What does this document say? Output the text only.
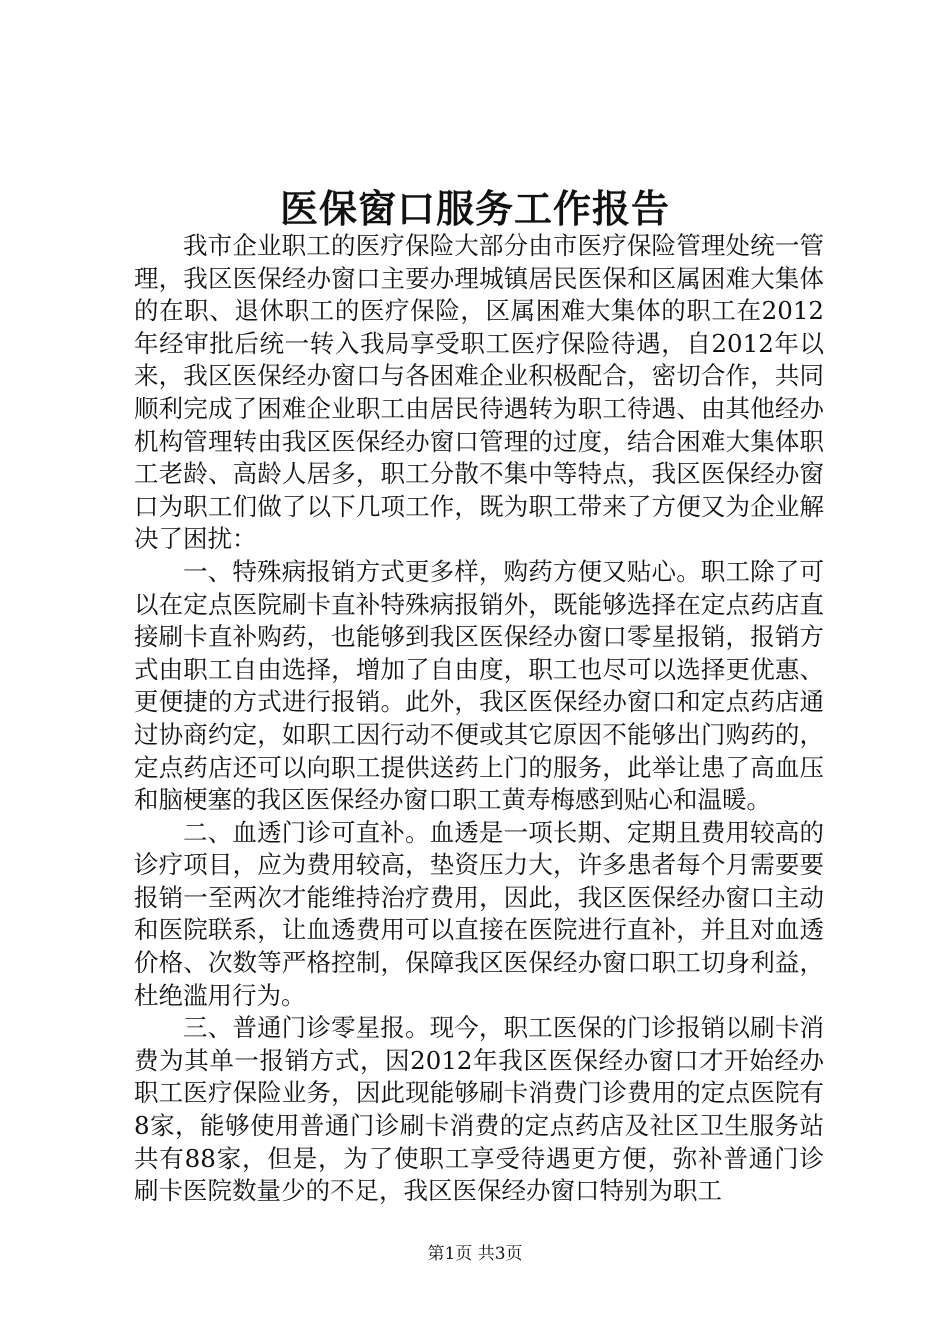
医保窗口服务工作报告

我市企业职工的医疗保险大部分由市医疗保险管理处统一管理，我区医保经办窗口主要办理城镇居民医保和区属困难大集体的在职、退休职工的医疗保险，区属困难大集体的职工在2012年经审批后统一转入我局享受职工医疗保险待遇，自2012年以来，我区医保经办窗口与各困难企业积极配合，密切合作，共同顺利完成了困难企业职工由居民待遇转为职工待遇、由其他经办机构管理转由我区医保经办窗口管理的过度，结合困难大集体职工老龄、高龄人居多，职工分散不集中等特点，我区医保经办窗口为职工们做了以下几项工作，既为职工带来了方便又为企业解决了困扰：

一、特殊病报销方式更多样，购药方便又贴心。职工除了可以在定点医院刷卡直补特殊病报销外，既能够选择在定点药店直接刷卡直补购药，也能够到我区医保经办窗口零星报销，报销方式由职工自由选择，增加了自由度，职工也尽可以选择更优惠、更便捷的方式进行报销。此外，我区医保经办窗口和定点药店通过协商约定，如职工因行动不便或其它原因不能够出门购药的，定点药店还可以向职工提供送药上门的服务，此举让患了高血压和脑梗塞的我区医保经办窗口职工黄寿梅感到贴心和温暖。

二、血透门诊可直补。血透是一项长期、定期且费用较高的诊疗项目，应为费用较高，垫资压力大，许多患者每个月需要要报销一至两次才能维持治疗费用，因此，我区医保经办窗口主动和医院联系，让血透费用可以直接在医院进行直补，并且对血透价格、次数等严格控制，保障我区医保经办窗口职工切身利益，杜绝滥用行为。

三、普通门诊零星报。现今，职工医保的门诊报销以刷卡消费为其单一报销方式，因2012年我区医保经办窗口才开始经办职工医疗保险业务，因此现能够刷卡消费门诊费用的定点医院有8家，能够使用普通门诊刷卡消费的定点药店及社区卫生服务站共有88家，但是，为了使职工享受待遇更方便，弥补普通门诊刷卡医院数量少的不足，我区医保经办窗口特别为职工

第1页 共3页
